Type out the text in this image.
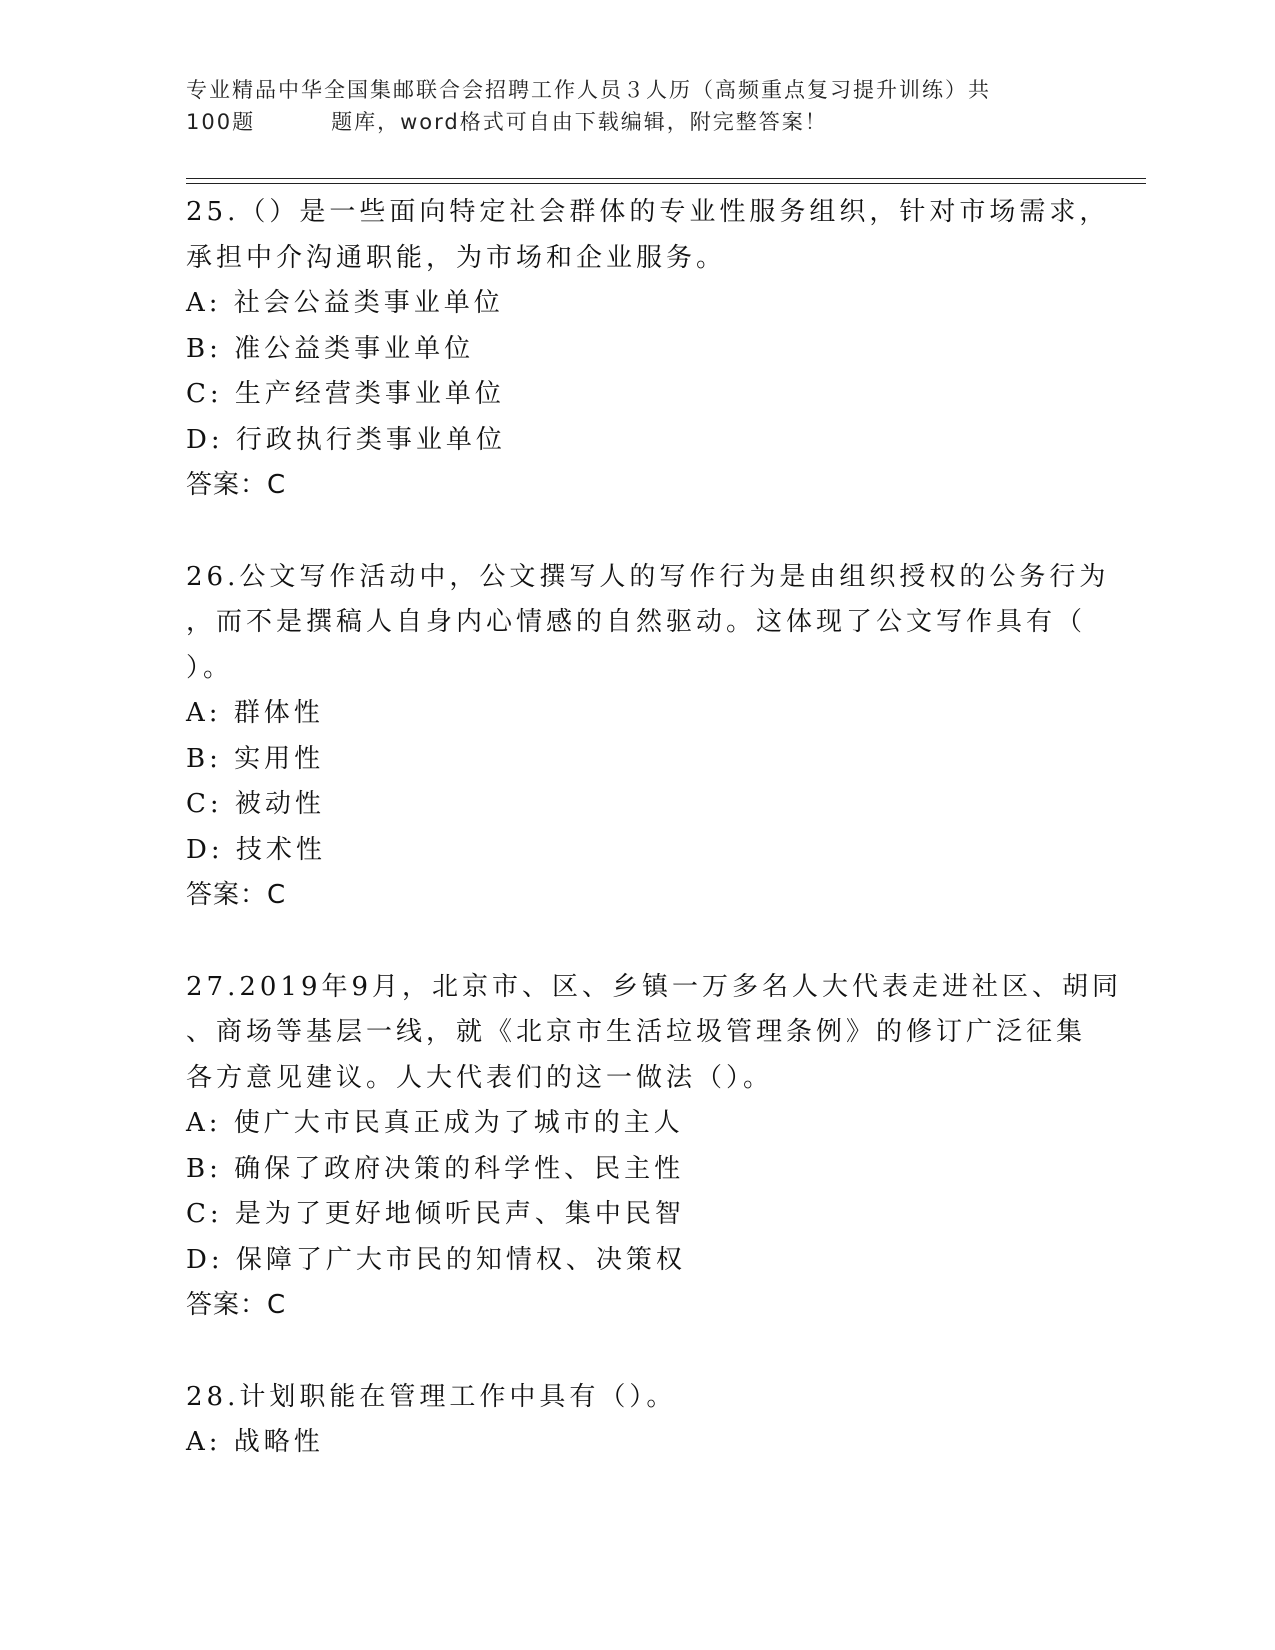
专业精品中华全国集邮联合会招聘工作人员３人历（高频重点复习提升训练）共
100题	题库，word格式可自由下载编辑，附完整答案！

25.（）是一些面向特定社会群体的专业性服务组织，针对市场需求，

承担中介沟通职能，为市场和企业服务。

A: 社会公益类事业单位

B: 准公益类事业单位

C: 生产经营类事业单位

D: 行政执行类事业单位

答案：C

26.公文写作活动中，公文撰写人的写作行为是由组织授权的公务行为

，而不是撰稿人自身内心情感的自然驱动。这体现了公文写作具有（

）。

A: 群体性

B: 实用性

C: 被动性

D: 技术性

答案：C

27.2019年9月，北京市、区、乡镇一万多名人大代表走进社区、胡同

、商场等基层一线，就《北京市生活垃圾管理条例》的修订广泛征集

各方意见建议。人大代表们的这一做法（）。

A: 使广大市民真正成为了城市的主人

B: 确保了政府决策的科学性、民主性

C: 是为了更好地倾听民声、集中民智

D: 保障了广大市民的知情权、决策权

答案：C

28.计划职能在管理工作中具有（）。

A: 战略性
